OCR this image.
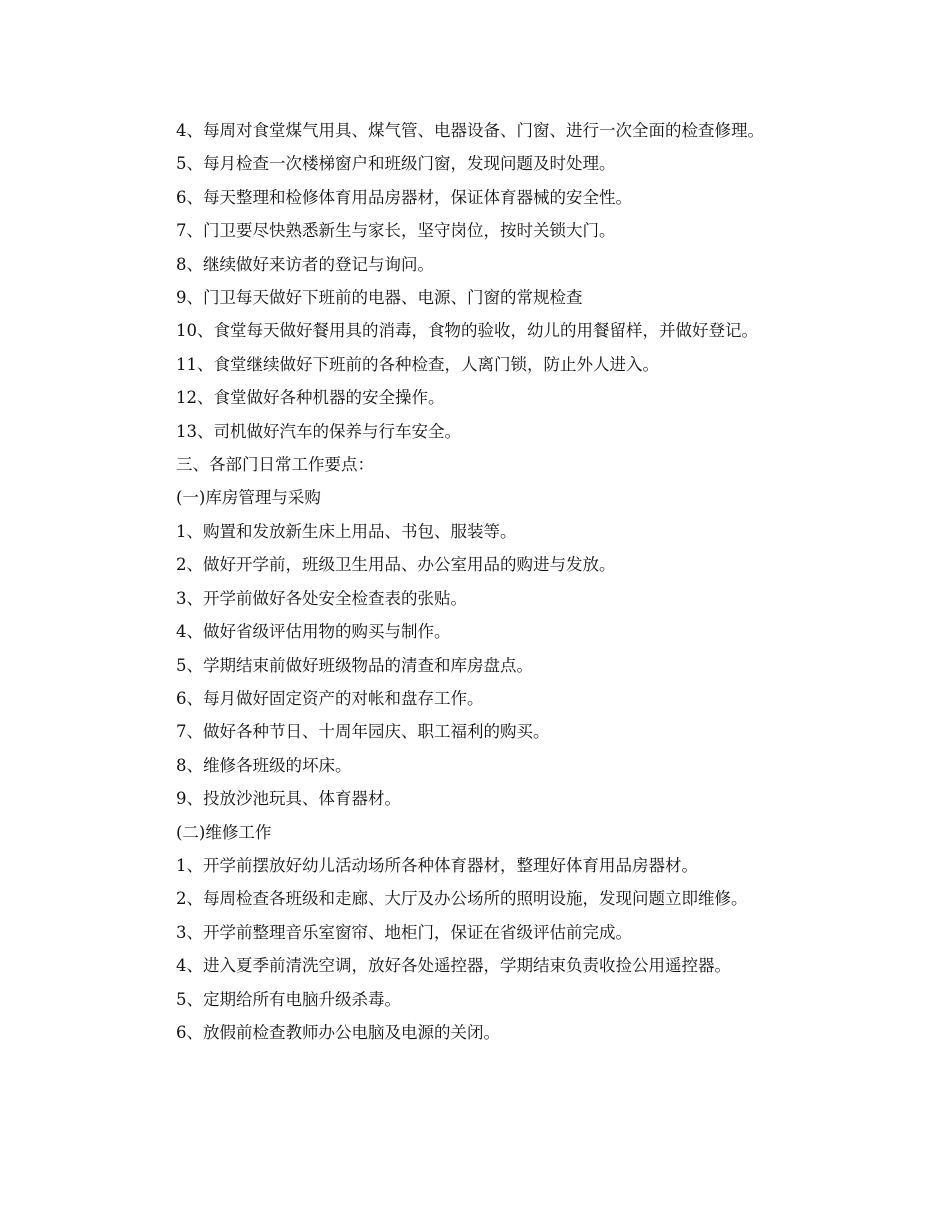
4、每周对食堂煤气用具、煤气管、电器设备、门窗、进行一次全面的检查修理。

5、每月检查一次楼梯窗户和班级门窗，发现问题及时处理。

6、每天整理和检修体育用品房器材，保证体育器械的安全性。

7、门卫要尽快熟悉新生与家长，坚守岗位，按时关锁大门。

8、继续做好来访者的登记与询问。

9、门卫每天做好下班前的电器、电源、门窗的常规检查

10、食堂每天做好餐用具的消毒，食物的验收，幼儿的用餐留样，并做好登记。

11、食堂继续做好下班前的各种检查，人离门锁，防止外人进入。

12、食堂做好各种机器的安全操作。

13、司机做好汽车的保养与行车安全。

三、各部门日常工作要点：

(一)库房管理与采购

1、购置和发放新生床上用品、书包、服装等。

2、做好开学前，班级卫生用品、办公室用品的购进与发放。

3、开学前做好各处安全检查表的张贴。

4、做好省级评估用物的购买与制作。

5、学期结束前做好班级物品的清查和库房盘点。

6、每月做好固定资产的对帐和盘存工作。

7、做好各种节日、十周年园庆、职工福利的购买。

8、维修各班级的坏床。

9、投放沙池玩具、体育器材。

(二)维修工作

1、开学前摆放好幼儿活动场所各种体育器材，整理好体育用品房器材。

2、每周检查各班级和走廊、大厅及办公场所的照明设施，发现问题立即维修。

3、开学前整理音乐室窗帘、地柜门，保证在省级评估前完成。

4、进入夏季前清洗空调，放好各处遥控器，学期结束负责收捡公用遥控器。

5、定期给所有电脑升级杀毒。

6、放假前检查教师办公电脑及电源的关闭。
